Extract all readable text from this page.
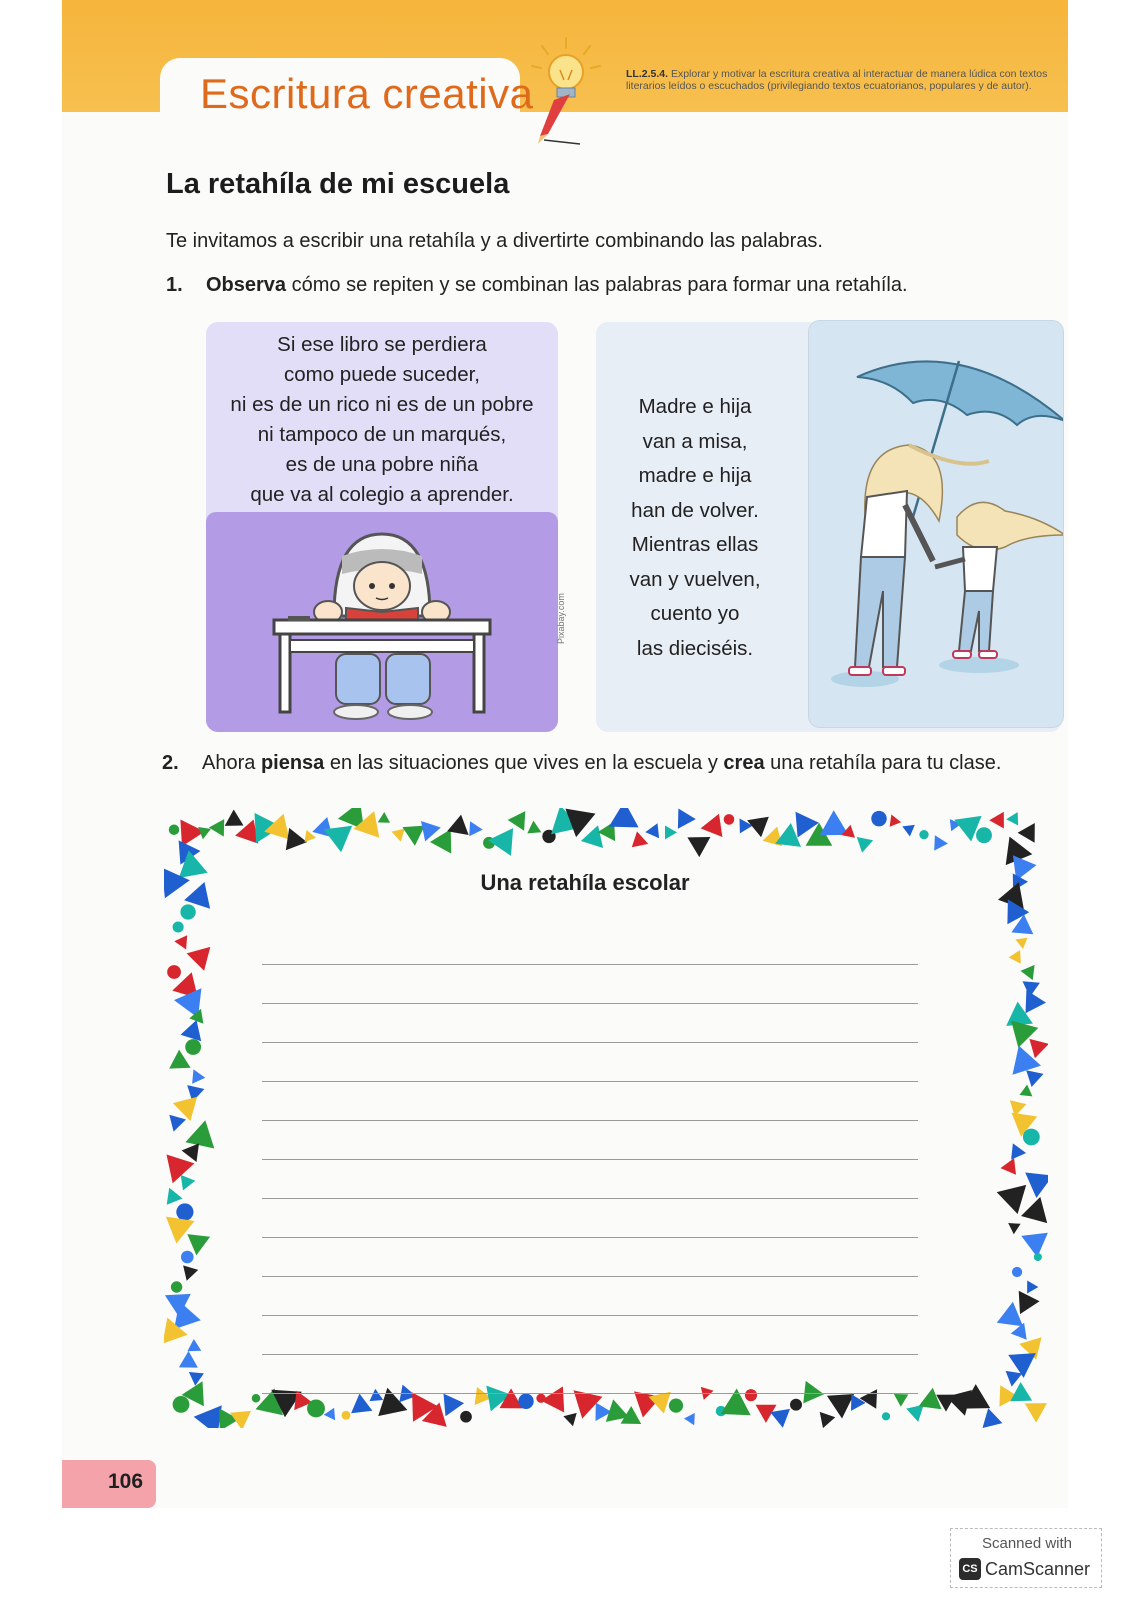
Escritura creativa	LL.2.5.4. Explorar y motivar la escritura creativa al interactuar de manera lúdica con textos literarios leídos o escuchados (privilegiando textos ecuatorianos, populares y de autor).
La retahíla de mi escuela
Te invitamos a escribir una retahíla y a divertirte combinando las palabras.
1. Observa cómo se repiten y se combinan las palabras para formar una retahíla.
Si ese libro se perdiera
como puede suceder,
ni es de un rico ni es de un pobre
ni tampoco de un marqués,
es de una pobre niña
que va al colegio a aprender.
Pixabay.com
Madre e hija
van a misa,
madre e hija
han de volver.
Mientras ellas
van y vuelven,
cuento yo
las dieciséis.
2. Ahora piensa en las situaciones que vives en la escuela y crea una retahíla para tu clase.
Una retahíla escolar
106
Scanned with
CS CamScanner
